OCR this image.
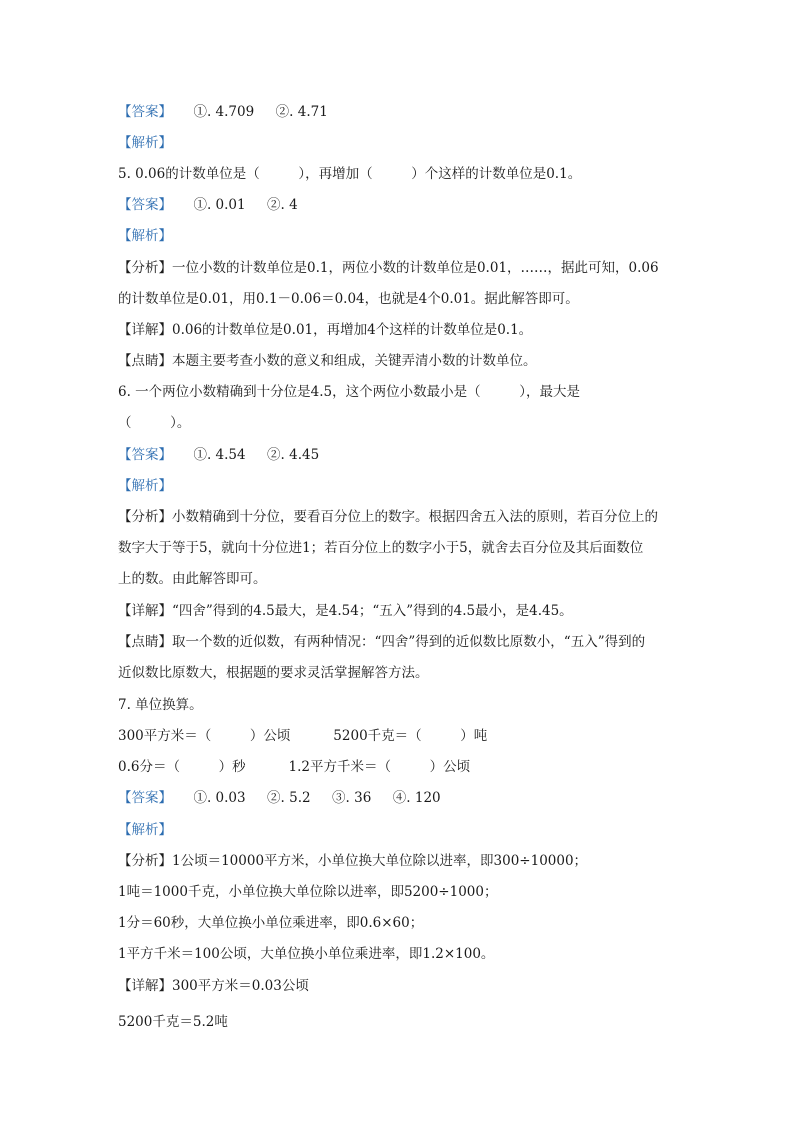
【答案】     ①. 4.709     ②. 4.71
【解析】
5. 0.06的计数单位是（         ），再增加（         ）个这样的计数单位是0.1。
【答案】     ①. 0.01     ②. 4
【解析】
【分析】一位小数的计数单位是0.1，两位小数的计数单位是0.01，……，据此可知，0.06
的计数单位是0.01，用0.1－0.06＝0.04，也就是4个0.01。据此解答即可。
【详解】0.06的计数单位是0.01，再增加4个这样的计数单位是0.1。
【点睛】本题主要考查小数的意义和组成，关键弄清小数的计数单位。
6. 一个两位小数精确到十分位是4.5，这个两位小数最小是（         ），最大是
（         ）。
【答案】     ①. 4.54     ②. 4.45
【解析】
【分析】小数精确到十分位，要看百分位上的数字。根据四舍五入法的原则，若百分位上的
数字大于等于5，就向十分位进1；若百分位上的数字小于5，就舍去百分位及其后面数位
上的数。由此解答即可。
【详解】“四舍”得到的4.5最大，是4.54；“五入”得到的4.5最小，是4.45。
【点睛】取一个数的近似数，有两种情况：“四舍”得到的近似数比原数小，“五入”得到的
近似数比原数大，根据题的要求灵活掌握解答方法。
7. 单位换算。
300平方米＝（         ）公顷          5200千克＝（         ）吨
0.6分＝（         ）秒          1.2平方千米＝（         ）公顷
【答案】     ①. 0.03     ②. 5.2     ③. 36     ④. 120
【解析】
【分析】1公顷＝10000平方米，小单位换大单位除以进率，即300÷10000；
1吨＝1000千克，小单位换大单位除以进率，即5200÷1000；
1分＝60秒，大单位换小单位乘进率，即0.6×60；
1平方千米＝100公顷，大单位换小单位乘进率，即1.2×100。
【详解】300平方米＝0.03公顷
5200千克＝5.2吨
